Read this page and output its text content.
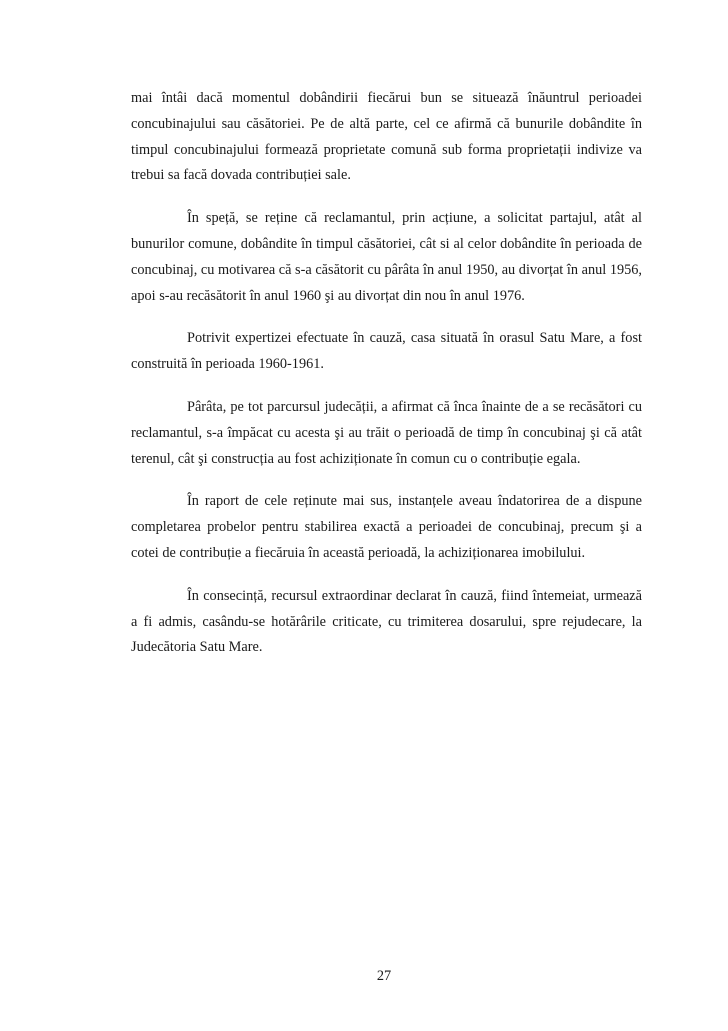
mai întâi dacă momentul dobândirii fiecărui bun se situează înăuntrul perioadei concubinajului sau căsătoriei. Pe de altă parte, cel ce afirmă că bunurile dobândite în timpul concubinajului formează proprietate comună sub forma proprietații indivize va trebui sa facă dovada contribuției sale.

În speță, se reține că reclamantul, prin acțiune, a solicitat partajul, atât al bunurilor comune, dobândite în timpul căsătoriei, cât si al celor dobândite în perioada de concubinaj, cu motivarea că s-a căsătorit cu pârâta în anul 1950, au divorțat în anul 1956, apoi s-au recăsătorit în anul 1960 şi au divorțat din nou în anul 1976.

Potrivit expertizei efectuate în cauză, casa situată în orasul Satu Mare, a fost construită în perioada 1960-1961.

Pârâta, pe tot parcursul judecății, a afirmat că înca înainte de a se recăsători cu reclamantul, s-a împăcat cu acesta şi au trăit o perioadă de timp în concubinaj şi că atât terenul, cât şi construcția au fost achiziționate în comun cu o contribuție egala.

În raport de cele reținute mai sus, instanțele aveau îndatorirea de a dispune completarea probelor pentru stabilirea exactă a perioadei de concubinaj, precum şi a cotei de contribuție a fiecăruia în această perioadă, la achiziționarea imobilului.

În consecință, recursul extraordinar declarat în cauză, fiind întemeiat, urmează a fi admis, casându-se hotărârile criticate, cu trimiterea dosarului, spre rejudecare, la Judecătoria Satu Mare.

27
